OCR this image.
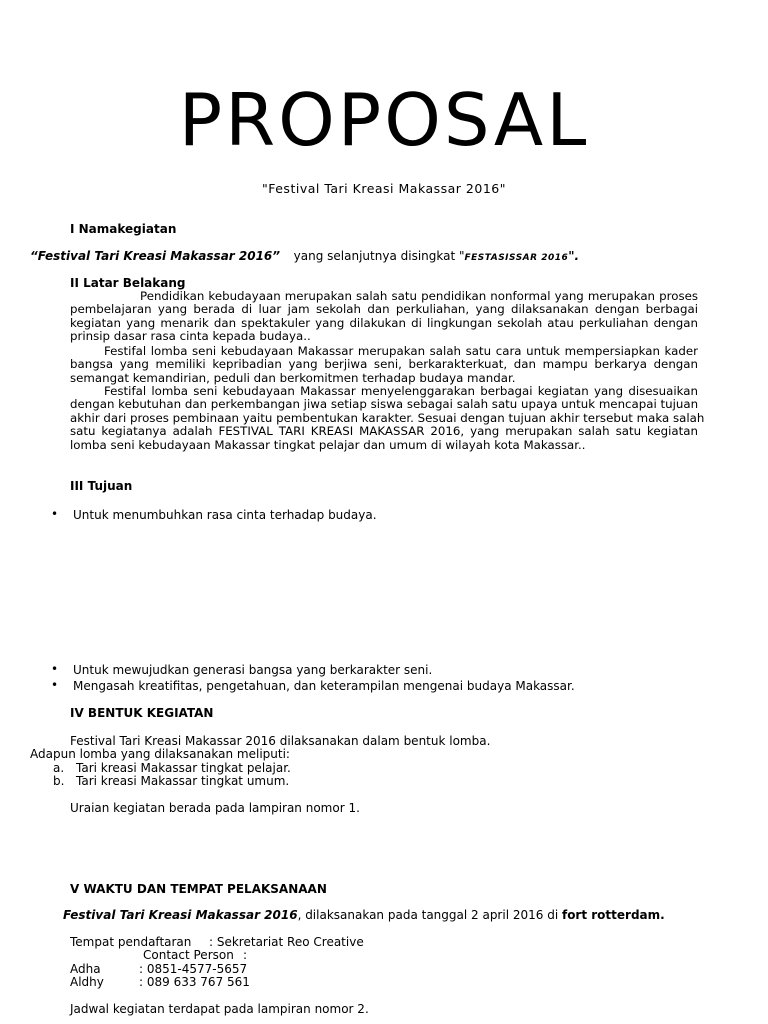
PROPOSAL
"Festival Tari Kreasi Makassar 2016"
I Namakegiatan
“Festival Tari Kreasi Makassar 2016” yang selanjutnya disingkat "FESTASISSAR 2016".
II Latar Belakang
Pendidikan kebudayaan merupakan salah satu pendidikan nonformal yang merupakan proses
pembelajaran yang berada di luar jam sekolah dan perkuliahan, yang dilaksanakan dengan berbagai
kegiatan yang menarik dan spektakuler yang dilakukan di lingkungan sekolah atau perkuliahan dengan
prinsip dasar rasa cinta kepada budaya..
Festifal lomba seni kebudayaan Makassar merupakan salah satu cara untuk mempersiapkan kader
bangsa yang memiliki kepribadian yang berjiwa seni, berkarakterkuat, dan mampu berkarya dengan
semangat kemandirian, peduli dan berkomitmen terhadap budaya mandar.
Festifal lomba seni kebudayaan Makassar menyelenggarakan berbagai kegiatan yang disesuaikan
dengan kebutuhan dan perkembangan jiwa setiap siswa sebagai salah satu upaya untuk mencapai tujuan
akhir dari proses pembinaan yaitu pembentukan karakter. Sesuai dengan tujuan akhir tersebut maka salah
satu kegiatanya adalah FESTIVAL TARI KREASI MAKASSAR 2016, yang merupakan salah satu kegiatan
lomba seni kebudayaan Makassar tingkat pelajar dan umum di wilayah kota Makassar..
III Tujuan
• Untuk menumbuhkan rasa cinta terhadap budaya.
• Untuk mewujudkan generasi bangsa yang berkarakter seni.
• Mengasah kreatifitas, pengetahuan, dan keterampilan mengenai budaya Makassar.
IV BENTUK KEGIATAN
Festival Tari Kreasi Makassar 2016 dilaksanakan dalam bentuk lomba.
Adapun lomba yang dilaksanakan meliputi:
a. Tari kreasi Makassar tingkat pelajar.
b. Tari kreasi Makassar tingkat umum.
Uraian kegiatan berada pada lampiran nomor 1.
V WAKTU DAN TEMPAT PELAKSANAAN
Festival Tari Kreasi Makassar 2016, dilaksanakan pada tanggal 2 april 2016 di fort rotterdam.
Tempat pendaftaran : Sekretariat Reo Creative
Contact Person :
Adha	: 0851-4577-5657
Aldhy	: 089 633 767 561
Jadwal kegiatan terdapat pada lampiran nomor 2.
